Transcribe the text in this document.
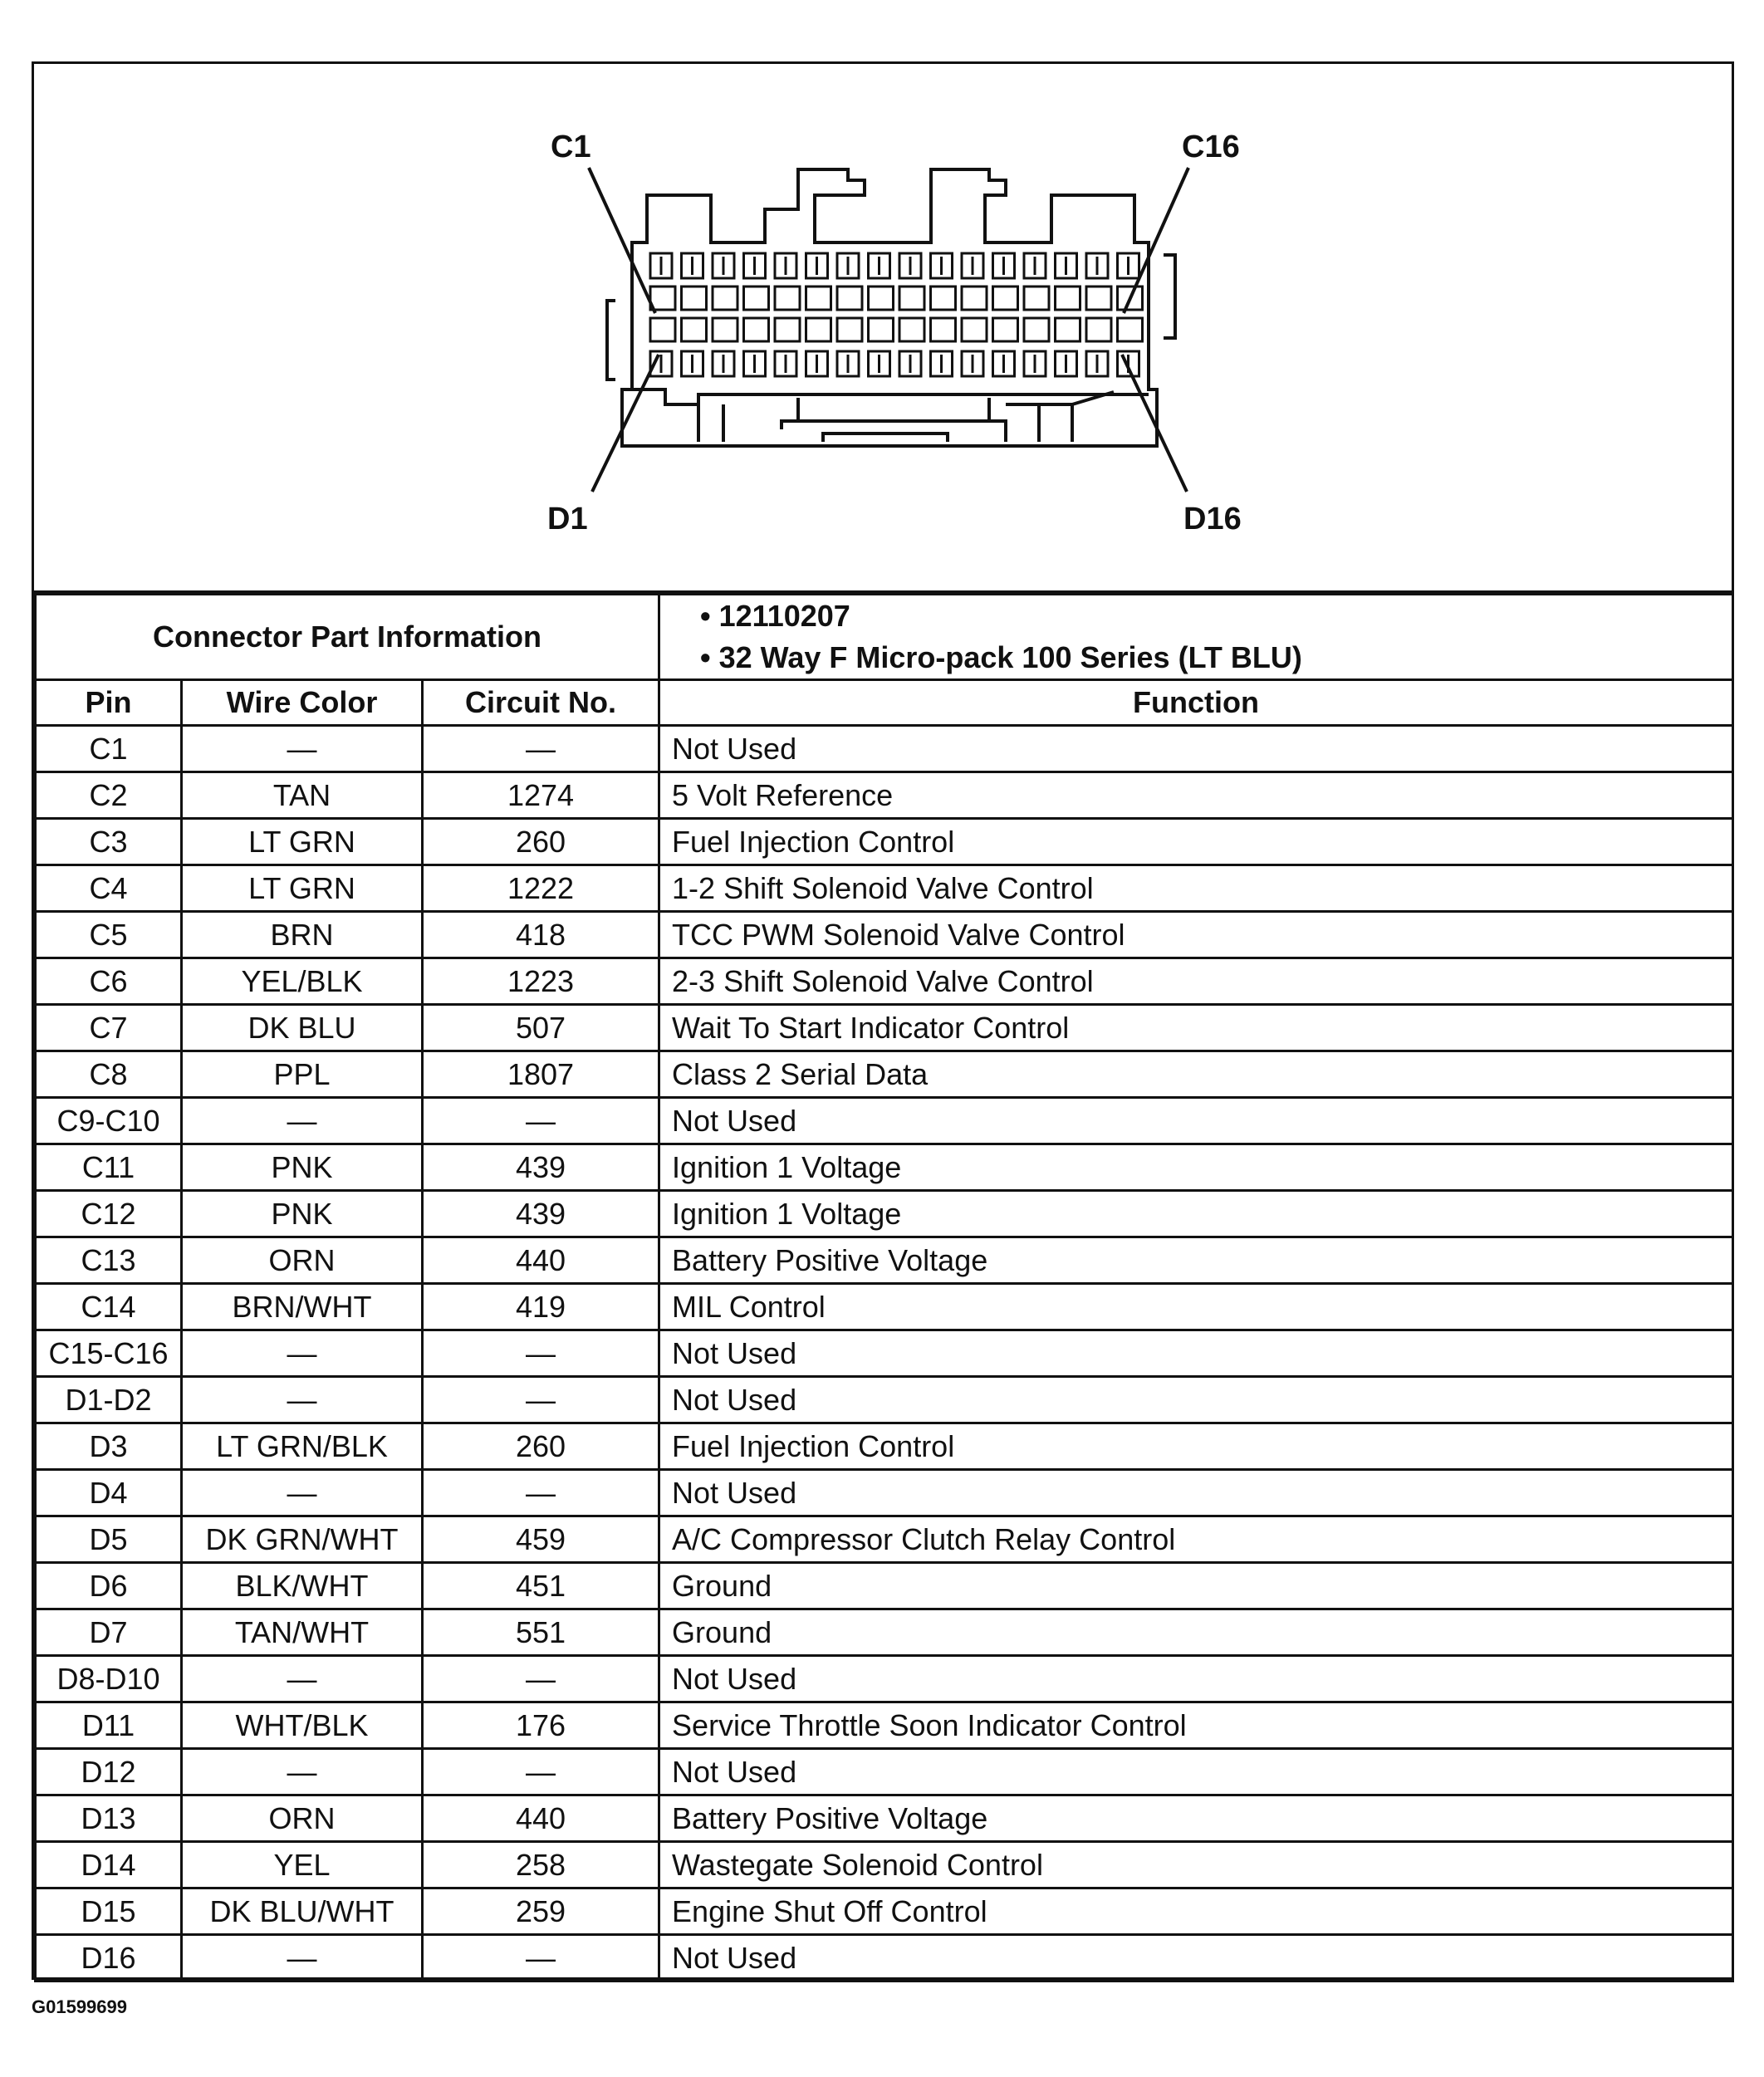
C1	C16
D1	D16
Connector Part Information			• 12110207
• 32 Way F Micro-pack 100 Series (LT BLU)

Pin	Wire Color	Circuit No.	Function
C1	—	—	Not Used
C2	TAN	1274	5 Volt Reference
C3	LT GRN	260	Fuel Injection Control
C4	LT GRN	1222	1-2 Shift Solenoid Valve Control
C5	BRN	418	TCC PWM Solenoid Valve Control
C6	YEL/BLK	1223	2-3 Shift Solenoid Valve Control
C7	DK BLU	507	Wait To Start Indicator Control
C8	PPL	1807	Class 2 Serial Data
C9-C10	—	—	Not Used
C11	PNK	439	Ignition 1 Voltage
C12	PNK	439	Ignition 1 Voltage
C13	ORN	440	Battery Positive Voltage
C14	BRN/WHT	419	MIL Control
C15-C16	—	—	Not Used
D1-D2	—	—	Not Used
D3	LT GRN/BLK	260	Fuel Injection Control
D4	—	—	Not Used
D5	DK GRN/WHT	459	A/C Compressor Clutch Relay Control
D6	BLK/WHT	451	Ground
D7	TAN/WHT	551	Ground
D8-D10	—	—	Not Used
D11	WHT/BLK	176	Service Throttle Soon Indicator Control
D12	—	—	Not Used
D13	ORN	440	Battery Positive Voltage
D14	YEL	258	Wastegate Solenoid Control
D15	DK BLU/WHT	259	Engine Shut Off Control
D16	—	—	Not Used
G01599699
